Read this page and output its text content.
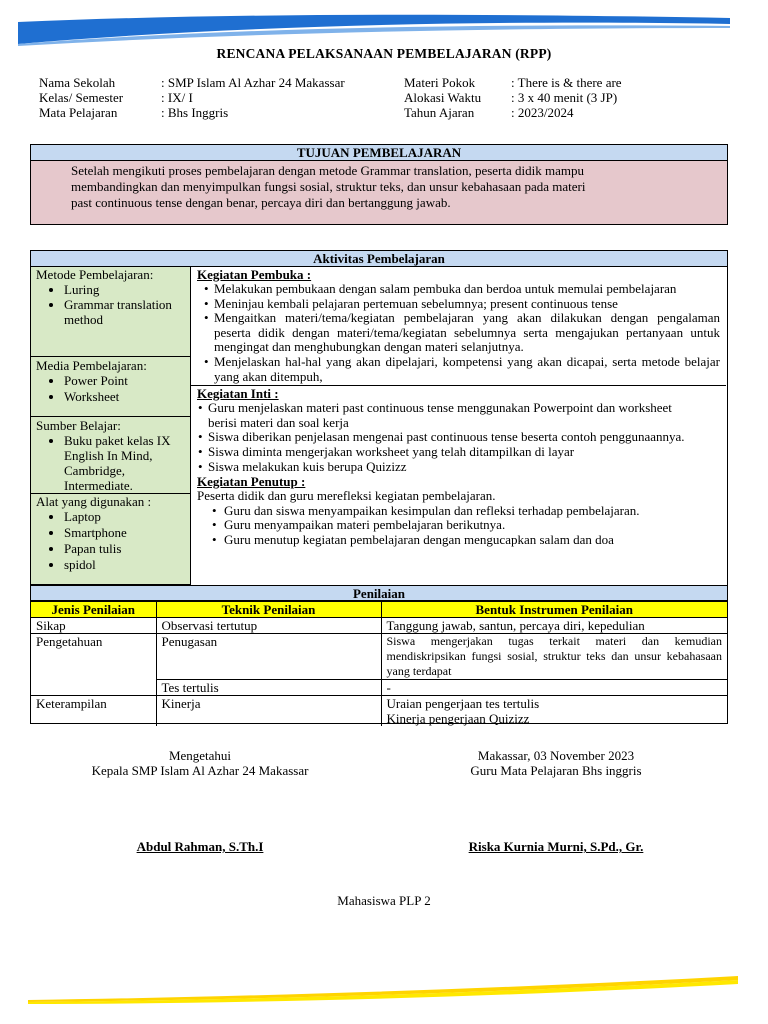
RENCANA PELAKSANAAN PEMBELAJARAN (RPP)
Nama Sekolah	: SMP Islam Al Azhar 24 Makassar	Materi Pokok	: There is & there are
Kelas/ Semester	: IX/ I	Alokasi Waktu : 3 x 40 menit (3 JP)
Mata Pelajaran	: Bhs Inggris	Tahun Ajaran	: 2023/2024
TUJUAN PEMBELAJARAN
Setelah mengikuti proses pembelajaran dengan metode Grammar translation, peserta didik mampu
membandingkan dan menyimpulkan fungsi sosial, struktur teks, dan unsur kebahasaan pada materi
past continuous tense dengan benar, percaya diri dan bertanggung jawab.
Aktivitas Pembelajaran
Metode Pembelajaran:
• Luring
• Grammar translation method
Media Pembelajaran:
• Power Point
• Worksheet
Sumber Belajar:
• Buku paket kelas IX English In Mind, Cambridge, Intermediate.
Alat yang digunakan :
• Laptop
• Smartphone
• Papan tulis
• spidol
Kegiatan Pembuka :
• Melakukan pembukaan dengan salam pembuka dan berdoa untuk memulai pembelajaran
• Meninjau kembali pelajaran pertemuan sebelumnya; present continuous tense
• Mengaitkan materi/tema/kegiatan pembelajaran yang akan dilakukan dengan pengalaman peserta didik dengan materi/tema/kegiatan sebelumnya serta mengajukan pertanyaan untuk mengingat dan menghubungkan dengan materi selanjutnya.
• Menjelaskan hal-hal yang akan dipelajari, kompetensi yang akan dicapai, serta metode belajar yang akan ditempuh,
Kegiatan Inti :
• Guru menjelaskan materi past continuous tense menggunakan Powerpoint dan worksheet berisi materi dan soal kerja
• Siswa diberikan penjelasan mengenai past continuous tense beserta contoh penggunaannya.
• Siswa diminta mengerjakan worksheet yang telah ditampilkan di layar
• Siswa melakukan kuis berupa Quizizz
Kegiatan Penutup :
Peserta didik dan guru merefleksi kegiatan pembelajaran.
• Guru dan siswa menyampaikan kesimpulan dan refleksi terhadap pembelajaran.
• Guru menyampaikan materi pembelajaran berikutnya.
• Guru menutup kegiatan pembelajaran dengan mengucapkan salam dan doa
Penilaian
Jenis Penilaian	Teknik Penilaian	Bentuk Instrumen Penilaian
Sikap	Observasi tertutup	Tanggung jawab, santun, percaya diri, kepedulian
Pengetahuan	Penugasan	Siswa mengerjakan tugas terkait materi dan kemudian mendiskripsikan fungsi sosial, struktur teks dan unsur kebahasaan yang terdapat
	Tes tertulis	-
Keterampilan	Kinerja	Uraian pengerjaan tes tertulis
Kinerja pengerjaan Quizizz
Mengetahui
Kepala SMP Islam Al Azhar 24 Makassar
Makassar, 03 November 2023
Guru Mata Pelajaran Bhs inggris
Abdul Rahman, S.Th.I	Riska Kurnia Murni, S.Pd., Gr.
Mahasiswa PLP 2
